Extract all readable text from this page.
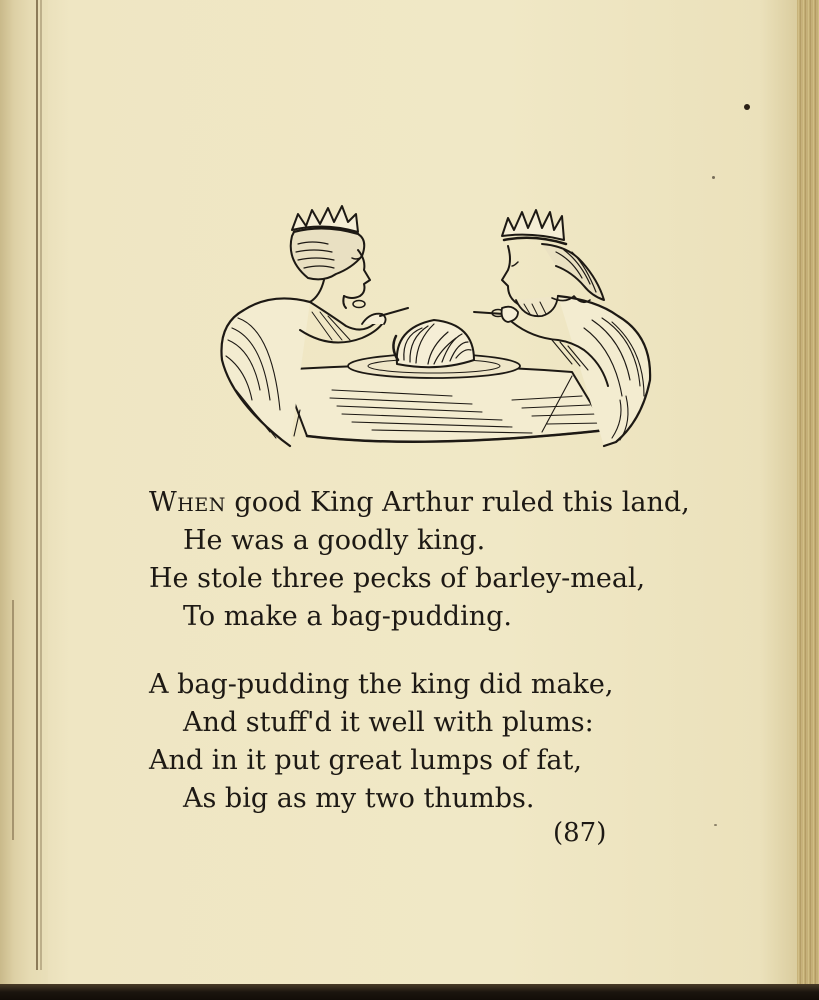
When good King Arthur ruled this land,
He was a goodly king.
He stole three pecks of barley-meal,
To make a bag-pudding.
A bag-pudding the king did make,
And stuff'd it well with plums:
And in it put great lumps of fat,
As big as my two thumbs.
(87)
